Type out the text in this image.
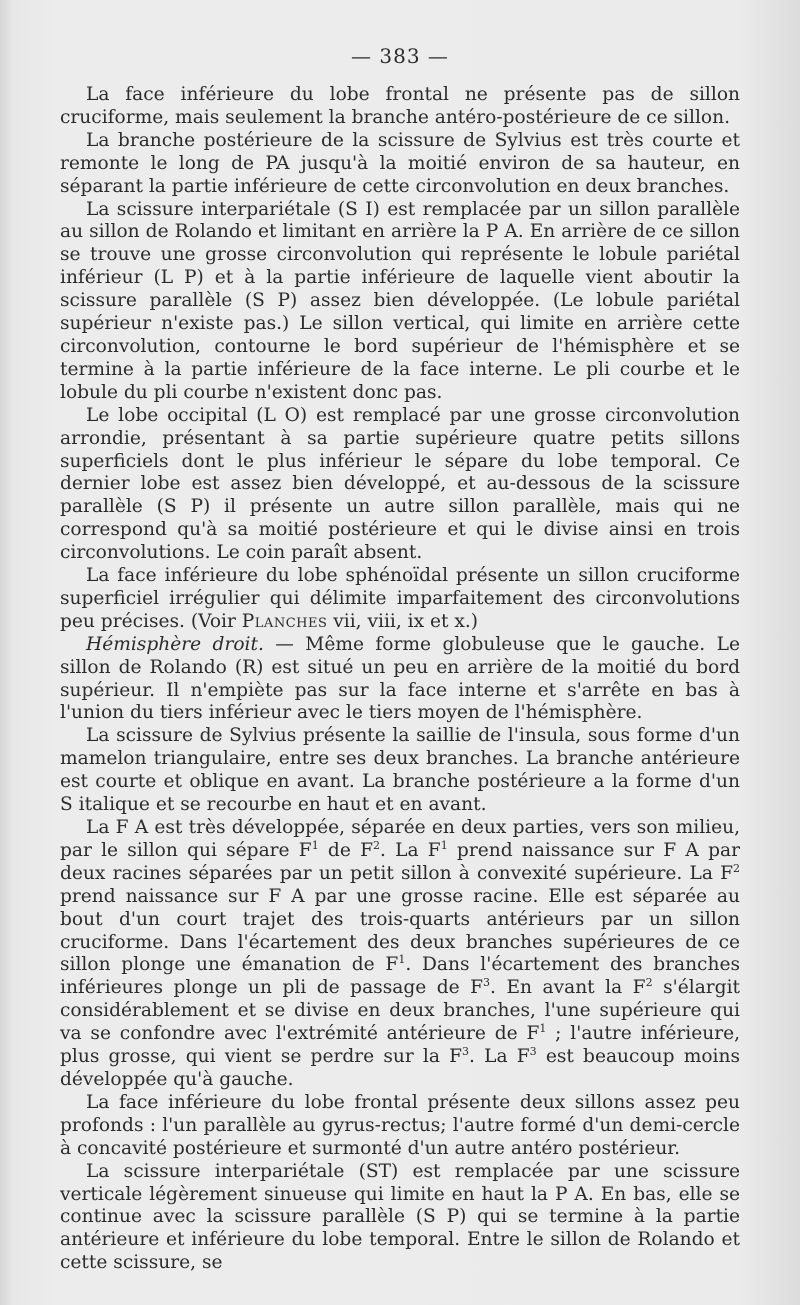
— 383 —

La face inférieure du lobe frontal ne présente pas de sillon cruciforme, mais seulement la branche antéro-postérieure de ce sillon.

La branche postérieure de la scissure de Sylvius est très courte et remonte le long de PA jusqu'à la moitié environ de sa hauteur, en séparant la partie inférieure de cette circonvolution en deux branches.

La scissure interpariétale (S I) est remplacée par un sillon parallèle au sillon de Rolando et limitant en arrière la P A. En arrière de ce sillon se trouve une grosse circonvolution qui représente le lobule pariétal inférieur (L P) et à la partie inférieure de laquelle vient aboutir la scissure parallèle (S P) assez bien développée. (Le lobule pariétal supérieur n'existe pas.) Le sillon vertical, qui limite en arrière cette circonvolution, contourne le bord supérieur de l'hémisphère et se termine à la partie inférieure de la face interne. Le pli courbe et le lobule du pli courbe n'existent donc pas.

Le lobe occipital (L O) est remplacé par une grosse circonvolution arrondie, présentant à sa partie supérieure quatre petits sillons superficiels dont le plus inférieur le sépare du lobe temporal. Ce dernier lobe est assez bien développé, et au-dessous de la scissure parallèle (S P) il présente un autre sillon parallèle, mais qui ne correspond qu'à sa moitié postérieure et qui le divise ainsi en trois circonvolutions. Le coin paraît absent.

La face inférieure du lobe sphénoïdal présente un sillon cruciforme superficiel irrégulier qui délimite imparfaitement des circonvolutions peu précises. (Voir Planches vii, viii, ix et x.)

Hémisphère droit. — Même forme globuleuse que le gauche. Le sillon de Rolando (R) est situé un peu en arrière de la moitié du bord supérieur. Il n'empiète pas sur la face interne et s'arrête en bas à l'union du tiers inférieur avec le tiers moyen de l'hémisphère.

La scissure de Sylvius présente la saillie de l'insula, sous forme d'un mamelon triangulaire, entre ses deux branches. La branche antérieure est courte et oblique en avant. La branche postérieure a la forme d'un S italique et se recourbe en haut et en avant.

La F A est très développée, séparée en deux parties, vers son milieu, par le sillon qui sépare $F^1$ de $F^2$. La $F^1$ prend naissance sur F A par deux racines séparées par un petit sillon à convexité supérieure. La $F^2$ prend naissance sur F A par une grosse racine. Elle est séparée au bout d'un court trajet des trois-quarts antérieurs par un sillon cruciforme. Dans l'écartement des deux branches supérieures de ce sillon plonge une émanation de $F^1$. Dans l'écartement des branches inférieures plonge un pli de passage de $F^3$. En avant la $F^2$ s'élargit considérablement et se divise en deux branches, l'une supérieure qui va se confondre avec l'extrémité antérieure de $F^1$ ; l'autre inférieure, plus grosse, qui vient se perdre sur la $F^3$. La $F^3$ est beaucoup moins développée qu'à gauche.

La face inférieure du lobe frontal présente deux sillons assez peu profonds : l'un parallèle au gyrus-rectus; l'autre formé d'un demi-cercle à concavité postérieure et surmonté d'un autre antéro postérieur.

La scissure interpariétale (ST) est remplacée par une scissure verticale légèrement sinueuse qui limite en haut la P A. En bas, elle se continue avec la scissure parallèle (S P) qui se termine à la partie antérieure et inférieure du lobe temporal. Entre le sillon de Rolando et cette scissure, se
